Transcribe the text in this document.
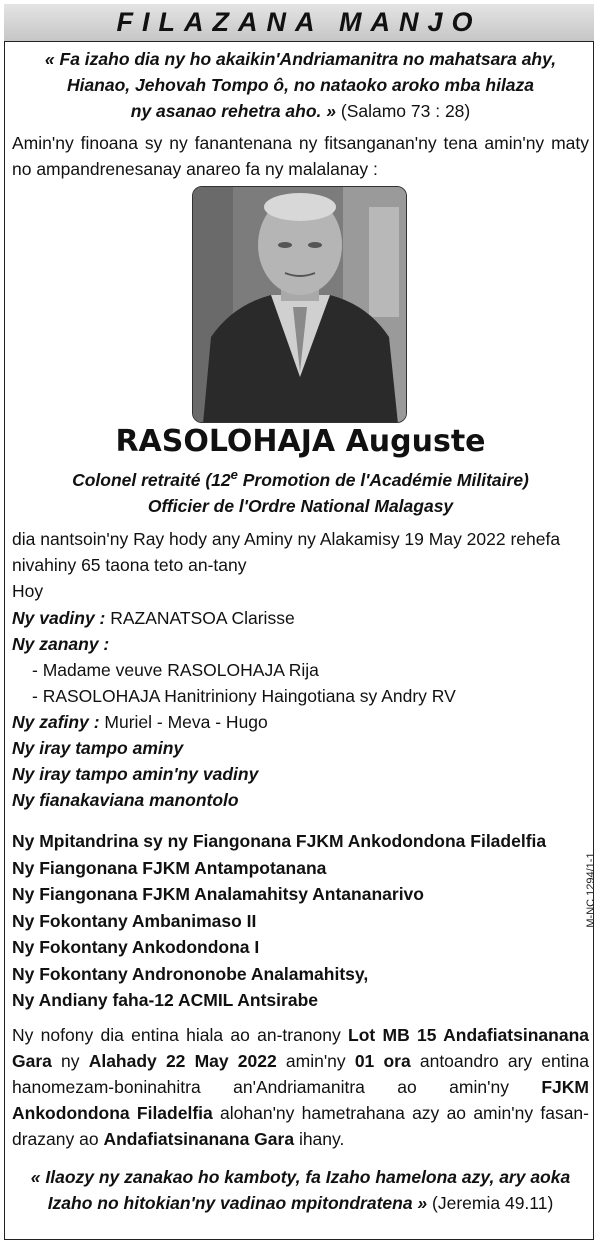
FILAZANA MANJO
« Fa izaho dia ny ho akaikin'Andriamanitra no mahatsara ahy,
Hianao, Jehovah Tompo ô, no nataoko aroko mba hilaza
ny asanao rehetra aho. » (Salamo 73 : 28)
Amin'ny finoana sy ny fanantenana ny fitsanganan'ny tena amin'ny maty no ampandrenesanay anareo fa ny malalanay :
RASOLOHAJA Auguste
Colonel retraité (12e Promotion de l'Académie Militaire)
Officier de l'Ordre National Malagasy
dia nantsoin'ny Ray hody any Aminy ny Alakamisy 19 May 2022 rehefa nivahiny 65 taona teto an-tany
Hoy
Ny vadiny : RAZANATSOA Clarisse
Ny zanany :
- Madame veuve RASOLOHAJA Rija
- RASOLOHAJA Hanitriniony Haingotiana sy Andry RV
Ny zafiny : Muriel - Meva - Hugo
Ny iray tampo aminy
Ny iray tampo amin'ny vadiny
Ny fianakaviana manontolo
Ny Mpitandrina sy ny Fiangonana FJKM Ankodondona Filadelfia
Ny Fiangonana FJKM Antampotanana
Ny Fiangonana FJKM Analamahitsy Antananarivo
Ny Fokontany Ambanimaso II
Ny Fokontany Ankodondona I
Ny Fokontany Andrononobe Analamahitsy,
Ny Andiany faha-12 ACMIL Antsirabe
M-NC 1294/1-1
Ny nofony dia entina hiala ao an-tranony Lot MB 15 Andafiatsinanana Gara ny Alahady 22 May 2022 amin'ny 01 ora antoandro ary entina hanomezam-boninahitra an'Andriamanitra ao amin'ny FJKM Ankodondona Filadelfia alohan'ny hametrahana azy ao amin'ny fasan-drazany ao Andafiatsinanana Gara ihany.
« Ilaozy ny zanakao ho kamboty, fa Izaho hamelona azy, ary aoka
Izaho no hitokian'ny vadinao mpitondratena » (Jeremia 49.11)
